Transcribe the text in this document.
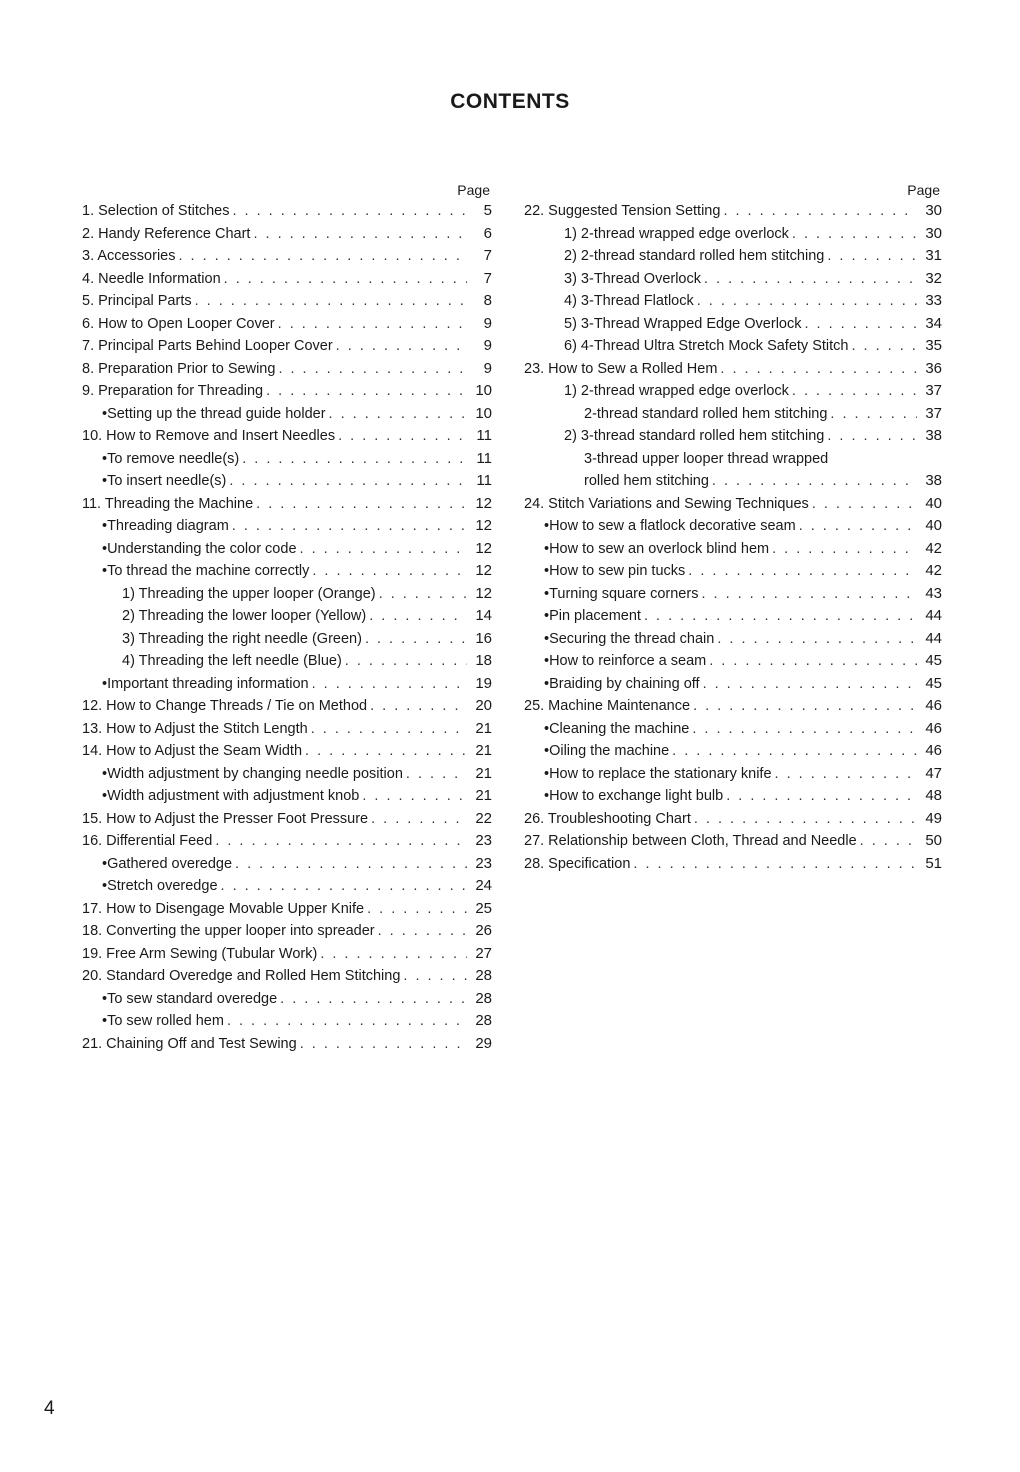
CONTENTS
Page
1. Selection of Stitches . . .	5
2. Handy Reference Chart . . .	6
3. Accessories . . .	7
4. Needle Information . . .	7
5. Principal Parts . . .	8
6. How to Open Looper Cover . . .	9
7. Principal Parts Behind Looper Cover . . .	9
8. Preparation Prior to Sewing . . .	9
9. Preparation for Threading . . .	10
•Setting up the thread guide holder . . .	10
10. How to Remove and Insert Needles . . .	11
•To remove needle(s) . . .	11
•To insert needle(s) . . .	11
11. Threading the Machine . . .	12
•Threading diagram . . .	12
•Understanding the color code . . .	12
•To thread the machine correctly . . .	12
1) Threading the upper looper (Orange) . . .	12
2) Threading the lower looper (Yellow) . . .	14
3) Threading the right needle (Green) . . .	16
4) Threading the left needle (Blue) . . .	18
•Important threading information . . .	19
12. How to Change Threads / Tie on Method . . .	20
13. How to Adjust the Stitch Length . . .	21
14. How to Adjust the Seam Width . . .	21
•Width adjustment by changing needle position . . .	21
•Width adjustment with adjustment knob . . .	21
15. How to Adjust the Presser Foot Pressure . . .	22
16. Differential Feed . . .	23
•Gathered overedge . . .	23
•Stretch overedge . . .	24
17. How to Disengage Movable Upper Knife . . .	25
18. Converting the upper looper into spreader . . .	26
19. Free Arm Sewing (Tubular Work) . . .	27
20. Standard Overedge and Rolled Hem Stitching . . .	28
•To sew standard overedge . . .	28
•To sew rolled hem . . .	28
21. Chaining Off and Test Sewing . . .	29
Page
22. Suggested Tension Setting . . .	30
1) 2-thread wrapped edge overlock . . .	30
2) 2-thread standard rolled hem stitching . . .	31
3) 3-Thread Overlock . . .	32
4) 3-Thread Flatlock . . .	33
5) 3-Thread Wrapped Edge Overlock . . .	34
6) 4-Thread Ultra Stretch Mock Safety Stitch . . .	35
23. How to Sew a Rolled Hem . . .	36
1) 2-thread wrapped edge overlock . . .	37
2-thread standard rolled hem stitching . . .	37
2) 3-thread standard rolled hem stitching . . .	38
3-thread upper looper thread wrapped
rolled hem stitching . . .	38
24. Stitch Variations and Sewing Techniques . . .	40
•How to sew a flatlock decorative seam . . .	40
•How to sew an overlock blind hem . . .	42
•How to sew pin tucks . . .	42
•Turning square corners . . .	43
•Pin placement . . .	44
•Securing the thread chain . . .	44
•How to reinforce a seam . . .	45
•Braiding by chaining off . . .	45
25. Machine Maintenance . . .	46
•Cleaning the machine . . .	46
•Oiling the machine . . .	46
•How to replace the stationary knife . . .	47
•How to exchange light bulb . . .	48
26. Troubleshooting Chart . . .	49
27. Relationship between Cloth, Thread and Needle . . .	50
28. Specification . . .	51
4
